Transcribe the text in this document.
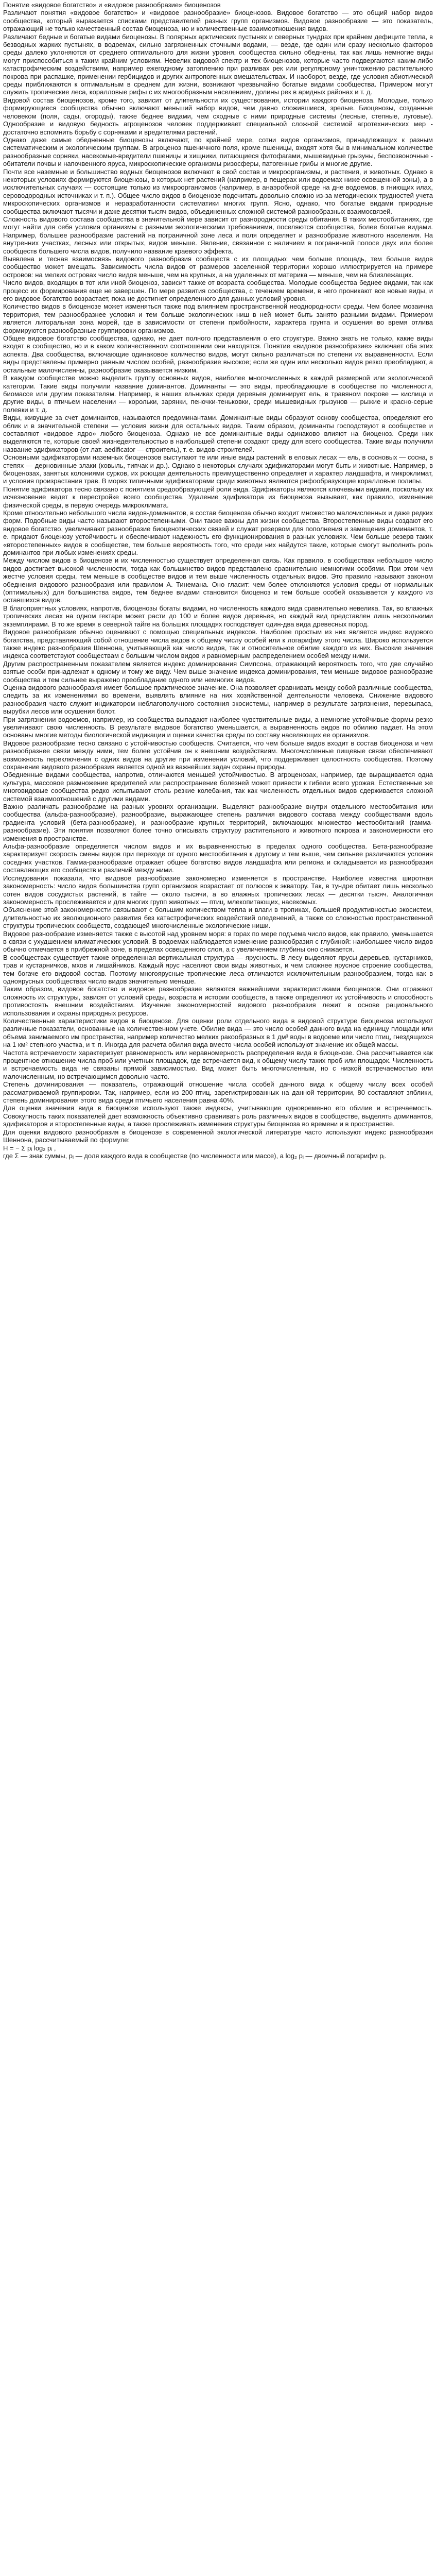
Понятие «видовое богатство» и «видовое разнообразие» биоценозов

Различают понятия «видовое богатство» и «видовое разнообразие» биоценозов. Видовое богатство — это общий набор видов сообщества, который выражается списками представителей разных групп организмов. Видовое разнообразие — это показатель, отражающий не только качественный состав биоценоза, но и количественные взаимоотношения видов.

Различают бедные и богатые видами биоценозы. В полярных арктических пустынях и северных тундрах при крайнем дефиците тепла, в безводных жарких пустынях, в водоемах, сильно загрязненных сточными водами, — везде, где один или сразу несколько факторов среды далеко уклоняются от среднего оптимального для жизни уровня, сообщества сильно обеднены, так как лишь немногие виды могут приспособиться к таким крайним условиям. Невелик видовой спектр и тех биоценозов, которые часто подвергаются каким-либо катастрофическим воздействиям, например ежегодному затоплению при разливах рек или регулярному уничтожению растительного покрова при распашке, применении гербицидов и других антропогенных вмешательствах. И наоборот, везде, где условия абиотической среды приближаются к оптимальным в среднем для жизни, возникают чрезвычайно богатые видами сообщества. Примером могут служить тропические леса, коралловые рифы с их многообразным населением, долины рек в аридных районах и т. д.

Видовой состав биоценозов, кроме того, зависит от длительности их существования, истории каждого биоценоза. Молодые, только формирующиеся сообщества обычно включают меньший набор видов, чем давно сложившиеся, зрелые. Биоценозы, созданные человеком (поля, сады, огороды), также беднее видами, чем сходные с ними природные системы (лесные, степные, луговые). Однообразие и видовую бедность агроценозов человек поддерживает специальной сложной системой агротехнических мер - достаточно вспомнить борьбу с сорняками и вредителями растений.

Однако даже самые обедненные биоценозы включают, по крайней мере, сотни видов организмов, принадлежащих к разным систематическим и экологическим группам. В агроценоз пшеничного поля, кроме пшеницы, входят хотя бы в минимальном количестве разнообразные сорняки, насекомые-вредители пшеницы и хищники, питающиеся фитофагами, мышевидные грызуны, беспозвоночные - обитатели почвы и напочвенного яруса, микроскопические организмы ризосферы, патогенные грибы и многие другие.

Почти все наземные и большинство водных биоценозов включают в свой состав и микроорганизмы, и растения, и животных. Однако в некоторых условиях формируются биоценозы, в которых нет растений (например, в пещерах или водоемах ниже освещенной зоны), а в исключительных случаях — состоящие только из микроорганизмов (например, в анаэробной среде на дне водоемов, в гниющих илах, сероводородных источниках и т. п.). Общее число видов в биоценозе подсчитать довольно сложно из-за методических трудностей учета микроскопических организмов и неразработанности систематики многих групп. Ясно, однако, что богатые видами природные сообщества включают тысячи и даже десятки тысяч видов, объединенных сложной системой разнообразных взаимосвязей.

Сложность видового состава сообщества в значительной мере зависит от разнородности среды обитания. В таких местообитаниях, где могут найти для себя условия организмы с разными экологическими требованиями, поселяются сообщества, более богатые видами. Например, большее разнообразие растений на пограничной зоне леса и поля определяет и разнообразие животного населения. На внутренних участках, лесных или открытых, видов меньше. Явление, связанное с наличием в пограничной полосе двух или более сообществ большего числа видов, получило название краевого эффекта.

Выявлена и тесная взаимосвязь видового разнообразия сообществ с их площадью: чем больше площадь, тем больше видов сообщество может вмещать. Зависимость числа видов от размеров заселенной территории хорошо иллюстрируется на примере островов: на мелких островах число видов меньше, чем на крупных, а на удаленных от материка — меньше, чем на близлежащих.

Число видов, входящих в тот или иной биоценоз, зависит также от возраста сообщества. Молодые сообщества беднее видами, так как процесс их формирования еще не завершен. По мере развития сообщества, с течением времени, в него проникают все новые виды, и его видовое богатство возрастает, пока не достигнет определенного для данных условий уровня.

Количество видов в биоценозе может изменяться также под влиянием пространственной неоднородности среды. Чем более мозаична территория, тем разнообразнее условия и тем больше экологических ниш в ней может быть занято разными видами. Примером является литоральная зона морей, где в зависимости от степени прибойности, характера грунта и осушения во время отлива формируются разнообразные группировки организмов.

Общее видовое богатство сообщества, однако, не дает полного представления о его структуре. Важно знать не только, какие виды входят в сообщество, но и в каком количественном соотношении они находятся. Понятие «видовое разнообразие» включает оба этих аспекта. Два сообщества, включающие одинаковое количество видов, могут сильно различаться по степени их выравненности. Если виды представлены примерно равным числом особей, разнообразие высокое; если же один или несколько видов резко преобладают, а остальные малочисленны, разнообразие оказывается низким.

В каждом сообществе можно выделить группу основных видов, наиболее многочисленных в каждой размерной или экологической категории. Такие виды получили название доминантов. Доминанты — это виды, преобладающие в сообществе по численности, биомассе или другим показателям. Например, в наших ельниках среди деревьев доминирует ель, в травяном покрове — кислица и другие виды, в птичьем населении — корольки, зарянки, пеночки-теньковки, среди мышевидных грызунов — рыжие и красно-серые полевки и т. д.

Виды, живущие за счет доминантов, называются предоминантами. Доминантные виды образуют основу сообщества, определяют его облик и в значительной степени — условия жизни для остальных видов. Таким образом, доминанты господствуют в сообществе и составляют «видовое ядро» любого биоценоза. Однако не все доминантные виды одинаково влияют на биоценоз. Среди них выделяются те, которые своей жизнедеятельностью в наибольшей степени создают среду для всего сообщества. Такие виды получили название эдификаторов (от лат. aedificator — строитель), т. е. видов-строителей.

Основными эдификаторами наземных биоценозов выступают те или иные виды растений: в еловых лесах — ель, в сосновых — сосна, в степях — дерновинные злаки (ковыль, типчак и др.). Однако в некоторых случаях эдификаторами могут быть и животные. Например, в биоценозах, занятых колониями сурков, их роющая деятельность преимущественно определяет и характер ландшафта, и микроклимат, и условия произрастания трав. В морях типичными эдификаторами среди животных являются рифообразующие коралловые полипы.

Понятие эдификатора тесно связано с понятием средообразующей роли вида. Эдификаторы являются ключевыми видами, поскольку их исчезновение ведет к перестройке всего сообщества. Удаление эдификатора из биоценоза вызывает, как правило, изменение физической среды, в первую очередь микроклимата.

Кроме относительно небольшого числа видов-доминантов, в состав биоценоза обычно входит множество малочисленных и даже редких форм. Подобные виды часто называют второстепенными. Они также важны для жизни сообщества. Второстепенные виды создают его видовое богатство, увеличивают разнообразие биоценотических связей и служат резервом для пополнения и замещения доминантов, т. е. придают биоценозу устойчивость и обеспечивают надежность его функционирования в разных условиях. Чем больше резерв таких «второстепенных» видов в сообществе, тем больше вероятность того, что среди них найдутся такие, которые смогут выполнить роль доминантов при любых изменениях среды.

Между числом видов в биоценозе и их численностью существует определенная связь. Как правило, в сообществах небольшое число видов достигает высокой численности, тогда как большинство видов представлено сравнительно немногими особями. При этом чем жестче условия среды, тем меньше в сообществе видов и тем выше численность отдельных видов. Это правило называют законом обеднения видового разнообразия или правилом А. Тинемана. Оно гласит: чем более отклоняются условия среды от нормальных (оптимальных) для большинства видов, тем беднее видами становится биоценоз и тем больше особей оказывается у каждого из оставшихся видов.

В благоприятных условиях, напротив, биоценозы богаты видами, но численность каждого вида сравнительно невелика. Так, во влажных тропических лесах на одном гектаре может расти до 100 и более видов деревьев, но каждый вид представлен лишь несколькими экземплярами. В то же время в северной тайге на больших площадях господствует один-два вида древесных пород.

Видовое разнообразие обычно оценивают с помощью специальных индексов. Наиболее простым из них является индекс видового богатства, представляющий собой отношение числа видов к общему числу особей или к логарифму этого числа. Широко используется также индекс разнообразия Шеннона, учитывающий как число видов, так и относительное обилие каждого из них. Высокие значения индекса соответствуют сообществам с большим числом видов и равномерным распределением особей между ними.

Другим распространенным показателем является индекс доминирования Симпсона, отражающий вероятность того, что две случайно взятые особи принадлежат к одному и тому же виду. Чем выше значение индекса доминирования, тем меньше видовое разнообразие сообщества и тем сильнее выражено преобладание одного или немногих видов.

Оценка видового разнообразия имеет большое практическое значение. Она позволяет сравнивать между собой различные сообщества, следить за их изменениями во времени, выявлять влияние на них хозяйственной деятельности человека. Снижение видового разнообразия часто служит индикатором неблагополучного состояния экосистемы, например в результате загрязнения, перевыпаса, вырубки лесов или осушения болот.

При загрязнении водоемов, например, из сообщества выпадают наиболее чувствительные виды, а немногие устойчивые формы резко увеличивают свою численность. В результате видовое богатство уменьшается, а выравненность видов по обилию падает. На этом основаны многие методы биологической индикации и оценки качества среды по составу населяющих ее организмов.

Видовое разнообразие тесно связано с устойчивостью сообществ. Считается, что чем больше видов входит в состав биоценоза и чем разнообразнее связи между ними, тем более устойчив он к внешним воздействиям. Многочисленные пищевые связи обеспечивают возможность переключения с одних видов на другие при изменении условий, что поддерживает целостность сообщества. Поэтому сохранение видового разнообразия является одной из важнейших задач охраны природы.

Обедненные видами сообщества, напротив, отличаются меньшей устойчивостью. В агроценозах, например, где выращивается одна культура, массовое размножение вредителей или распространение болезней может привести к гибели всего урожая. Естественные же многовидовые сообщества редко испытывают столь резкие колебания, так как численность отдельных видов сдерживается сложной системой взаимоотношений с другими видами.

Важно различать разнообразие на разных уровнях организации. Выделяют разнообразие внутри отдельного местообитания или сообщества (альфа-разнообразие), разнообразие, выражающее степень различия видового состава между сообществами вдоль градиента условий (бета-разнообразие), и разнообразие крупных территорий, включающих множество местообитаний (гамма-разнообразие). Эти понятия позволяют более точно описывать структуру растительного и животного покрова и закономерности его изменения в пространстве.

Альфа-разнообразие определяется числом видов и их выравненностью в пределах одного сообщества. Бета-разнообразие характеризует скорость смены видов при переходе от одного местообитания к другому и тем выше, чем сильнее различаются условия соседних участков. Гамма-разнообразие отражает общее богатство видов ландшафта или региона и складывается из разнообразия составляющих его сообществ и различий между ними.

Исследования показали, что видовое разнообразие закономерно изменяется в пространстве. Наиболее известна широтная закономерность: число видов большинства групп организмов возрастает от полюсов к экватору. Так, в тундре обитает лишь несколько сотен видов сосудистых растений, в тайге — около тысячи, а во влажных тропических лесах — десятки тысяч. Аналогичная закономерность прослеживается и для многих групп животных — птиц, млекопитающих, насекомых.

Объяснение этой закономерности связывают с большим количеством тепла и влаги в тропиках, большей продуктивностью экосистем, длительностью их эволюционного развития без катастрофических воздействий оледенений, а также со сложностью пространственной структуры тропических сообществ, создающей многочисленные экологические ниши.

Видовое разнообразие изменяется также с высотой над уровнем моря: в горах по мере подъема число видов, как правило, уменьшается в связи с ухудшением климатических условий. В водоемах наблюдается изменение разнообразия с глубиной: наибольшее число видов обычно отмечается в прибрежной зоне, в пределах освещенного слоя, а с увеличением глубины оно снижается.

В сообществах существует также определенная вертикальная структура — ярусность. В лесу выделяют ярусы деревьев, кустарников, трав и кустарничков, мхов и лишайников. Каждый ярус населяют свои виды животных, и чем сложнее ярусное строение сообщества, тем богаче его видовой состав. Поэтому многоярусные тропические леса отличаются исключительным разнообразием, тогда как в одноярусных сообществах число видов значительно меньше.

Таким образом, видовое богатство и видовое разнообразие являются важнейшими характеристиками биоценозов. Они отражают сложность их структуры, зависят от условий среды, возраста и истории сообществ, а также определяют их устойчивость и способность противостоять внешним воздействиям. Изучение закономерностей видового разнообразия лежит в основе рационального использования и охраны природных ресурсов.

Количественные характеристики видов в биоценозе. Для оценки роли отдельного вида в видовой структуре биоценоза используют различные показатели, основанные на количественном учете. Обилие вида — это число особей данного вида на единицу площади или объема занимаемого им пространства, например количество мелких ракообразных в 1 дм³ воды в водоеме или число птиц, гнездящихся на 1 км² степного участка, и т. п. Иногда для расчета обилия вида вместо числа особей используют значение их общей массы.

Частота встречаемости характеризует равномерность или неравномерность распределения вида в биоценозе. Она рассчитывается как процентное отношение числа проб или учетных площадок, где встречается вид, к общему числу таких проб или площадок. Численность и встречаемость вида не связаны прямой зависимостью. Вид может быть многочисленным, но с низкой встречаемостью или малочисленным, но встречающимся довольно часто.

Степень доминирования — показатель, отражающий отношение числа особей данного вида к общему числу всех особей рассматриваемой группировки. Так, например, если из 200 птиц, зарегистрированных на данной территории, 80 составляют зяблики, степень доминирования этого вида среди птичьего населения равна 40%.

Для оценки значения вида в биоценозе используют также индексы, учитывающие одновременно его обилие и встречаемость. Совокупность таких показателей дает возможность объективно сравнивать роль различных видов в сообществе, выделять доминантов, эдификаторов и второстепенные виды, а также прослеживать изменения структуры биоценоза во времени и в пространстве.

Для оценки видового разнообразия в биоценозе в современной экологической литературе часто используют индекс разнообразия Шеннона, рассчитываемый по формуле:

H = − Σ pᵢ log₂ pᵢ ,

где Σ — знак суммы, pᵢ — доля каждого вида в сообществе (по численности или массе), а log₂ pᵢ — двоичный логарифм pᵢ.
